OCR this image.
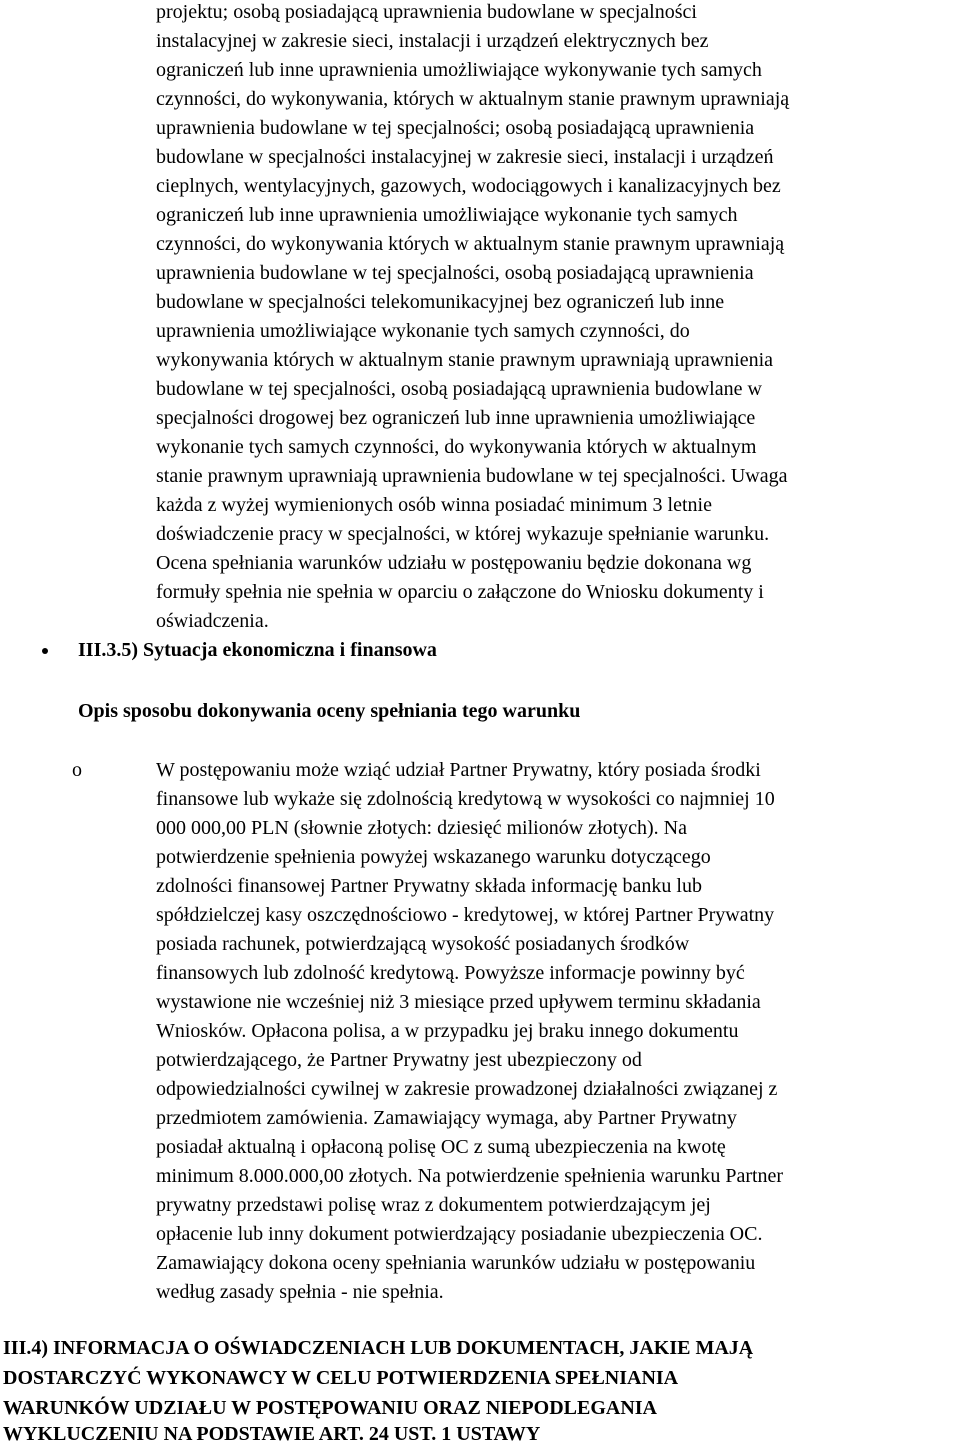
projektu; osobą posiadającą uprawnienia budowlane w specjalności
instalacyjnej w zakresie sieci, instalacji i urządzeń elektrycznych bez
ograniczeń lub inne uprawnienia umożliwiające wykonywanie tych samych
czynności, do wykonywania, których w aktualnym stanie prawnym uprawniają
uprawnienia budowlane w tej specjalności; osobą posiadającą uprawnienia
budowlane w specjalności instalacyjnej w zakresie sieci, instalacji i urządzeń
cieplnych, wentylacyjnych, gazowych, wodociągowych i kanalizacyjnych bez
ograniczeń lub inne uprawnienia umożliwiające wykonanie tych samych
czynności, do wykonywania których w aktualnym stanie prawnym uprawniają
uprawnienia budowlane w tej specjalności, osobą posiadającą uprawnienia
budowlane w specjalności telekomunikacyjnej bez ograniczeń lub inne
uprawnienia umożliwiające wykonanie tych samych czynności, do
wykonywania których w aktualnym stanie prawnym uprawniają uprawnienia
budowlane w tej specjalności, osobą posiadającą uprawnienia budowlane w
specjalności drogowej bez ograniczeń lub inne uprawnienia umożliwiające
wykonanie tych samych czynności, do wykonywania których w aktualnym
stanie prawnym uprawniają uprawnienia budowlane w tej specjalności. Uwaga
każda z wyżej wymienionych osób winna posiadać minimum 3 letnie
doświadczenie pracy w specjalności, w której wykazuje spełnianie warunku.
Ocena spełniania warunków udziału w postępowaniu będzie dokonana wg
formuły spełnia nie spełnia w oparciu o załączone do Wniosku dokumenty i
oświadczenia.
III.3.5) Sytuacja ekonomiczna i finansowa
Opis sposobu dokonywania oceny spełniania tego warunku
o	W postępowaniu może wziąć udział Partner Prywatny, który posiada środki
finansowe lub wykaże się zdolnością kredytową w wysokości co najmniej 10
000 000,00 PLN (słownie złotych: dziesięć milionów złotych). Na
potwierdzenie spełnienia powyżej wskazanego warunku dotyczącego
zdolności finansowej Partner Prywatny składa informację banku lub
spółdzielczej kasy oszczędnościowo - kredytowej, w której Partner Prywatny
posiada rachunek, potwierdzającą wysokość posiadanych środków
finansowych lub zdolność kredytową. Powyższe informacje powinny być
wystawione nie wcześniej niż 3 miesiące przed upływem terminu składania
Wniosków. Opłacona polisa, a w przypadku jej braku innego dokumentu
potwierdzającego, że Partner Prywatny jest ubezpieczony od
odpowiedzialności cywilnej w zakresie prowadzonej działalności związanej z
przedmiotem zamówienia. Zamawiający wymaga, aby Partner Prywatny
posiadał aktualną i opłaconą polisę OC z sumą ubezpieczenia na kwotę
minimum 8.000.000,00 złotych. Na potwierdzenie spełnienia warunku Partner
prywatny przedstawi polisę wraz z dokumentem potwierdzającym jej
opłacenie lub inny dokument potwierdzający posiadanie ubezpieczenia OC.
Zamawiający dokona oceny spełniania warunków udziału w postępowaniu
według zasady spełnia - nie spełnia.
III.4) INFORMACJA O OŚWIADCZENIACH LUB DOKUMENTACH, JAKIE MAJĄ
DOSTARCZYĆ WYKONAWCY W CELU POTWIERDZENIA SPEŁNIANIA
WARUNKÓW UDZIAŁU W POSTĘPOWANIU ORAZ NIEPODLEGANIA
WYKLUCZENIU NA PODSTAWIE ART. 24 UST. 1 USTAWY
